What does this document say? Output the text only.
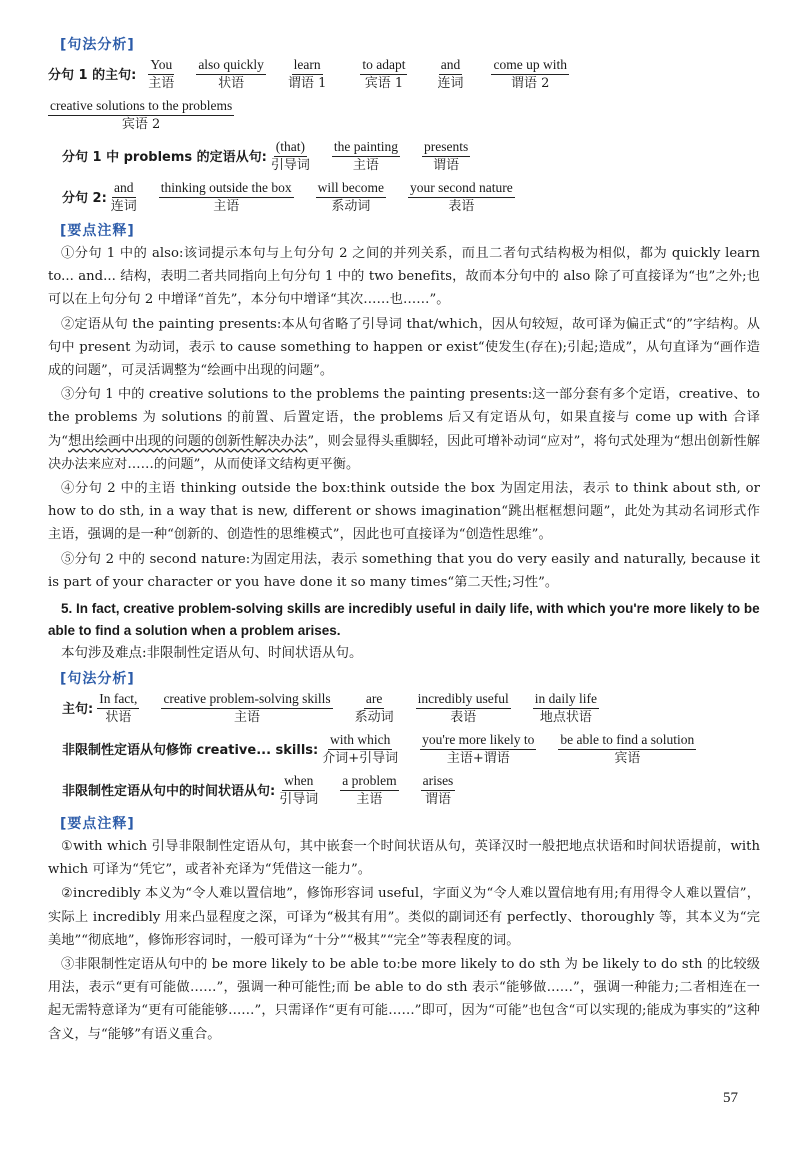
[句法分析]
分句 1 的主句:
You
主语
also quickly
状语
learn
谓语 1
to adapt
宾语 1
and
连词
come up with
谓语 2
creative solutions to the problems
宾语 2
分句 1 中 problems 的定语从句:
(that)
引导词
the painting
主语
presents
谓语
分句 2:
and
连词
thinking outside the box
主语
will become
系动词
your second nature
表语
[要点注释]

①分句 1 中的 also:该词提示本句与上句分句 2 之间的并列关系，而且二者句式结构极为相似，都为 quickly learn to... and... 结构，表明二者共同指向上句分句 1 中的 two benefits，故而本分句中的 also 除了可直接译为“也”之外;也可以在上句分句 2 中增译“首先”，本分句中增译“其次……也……”。

②定语从句 the painting presents:本从句省略了引导词 that/which，因从句较短，故可译为偏正式“的”字结构。从句中 present 为动词，表示 to cause something to happen or exist“使发生(存在);引起;造成”，从句直译为“画作造成的问题”，可灵活调整为“绘画中出现的问题”。

③分句 1 中的 creative solutions to the problems the painting presents:这一部分套有多个定语，creative、to the problems 为 solutions 的前置、后置定语，the problems 后又有定语从句，如果直接与 come up with 合译为“想出绘画中出现的问题的创新性解决办法”，则会显得头重脚轻，因此可增补动词“应对”，将句式处理为“想出创新性解决办法来应对……的问题”，从而使译文结构更平衡。

④分句 2 中的主语 thinking outside the box:think outside the box 为固定用法，表示 to think about sth, or how to do sth, in a way that is new, different or shows imagination“跳出框框想问题”，此处为其动名词形式作主语，强调的是一种“创新的、创造性的思维模式”，因此也可直接译为“创造性思维”。

⑤分句 2 中的 second nature:为固定用法，表示 something that you do very easily and naturally, because it is part of your character or you have done it so many times“第二天性;习性”。

5. In fact, creative problem-solving skills are incredibly useful in daily life, with which you're more likely to be able to find a solution when a problem arises.

本句涉及难点:非限制性定语从句、时间状语从句。

[句法分析]
主句:
In fact,
状语
creative problem-solving skills
主语
are
系动词
incredibly useful
表语
in daily life
地点状语
非限制性定语从句修饰 creative... skills:
with which
介词+引导词
you're more likely to
主语+谓语
be able to find a solution
宾语
非限制性定语从句中的时间状语从句:
when
引导词
a problem
主语
arises
谓语
[要点注释]

①with which 引导非限制性定语从句，其中嵌套一个时间状语从句，英译汉时一般把地点状语和时间状语提前，with which 可译为“凭它”，或者补充译为“凭借这一能力”。

②incredibly 本义为“令人难以置信地”，修饰形容词 useful，字面义为“令人难以置信地有用;有用得令人难以置信”，实际上 incredibly 用来凸显程度之深，可译为“极其有用”。类似的副词还有 perfectly、thoroughly 等，其本义为“完美地”“彻底地”，修饰形容词时，一般可译为“十分”“极其”“完全”等表程度的词。

③非限制性定语从句中的 be more likely to be able to:be more likely to do sth 为 be likely to do sth 的比较级用法，表示“更有可能做……”，强调一种可能性;而 be able to do sth 表示“能够做……”，强调一种能力;二者相连在一起无需特意译为“更有可能能够……”，只需译作“更有可能……”即可，因为“可能”也包含“可以实现的;能成为事实的”这种含义，与“能够”有语义重合。

57
